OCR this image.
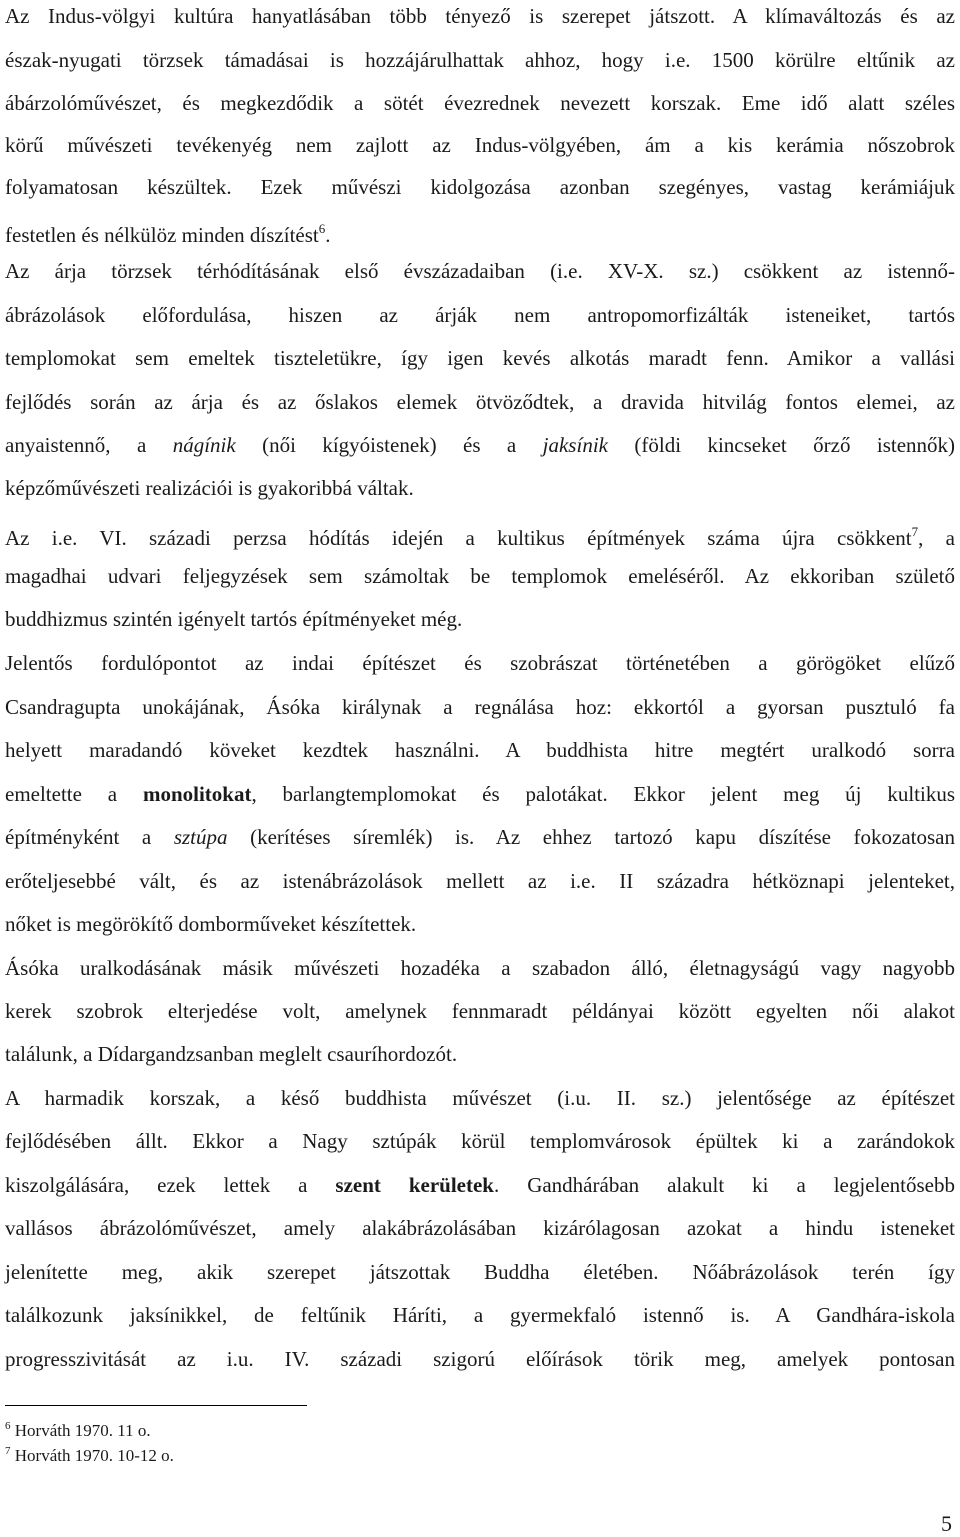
Az Indus-völgyi kultúra hanyatlásában több tényező is szerepet játszott. A klímaváltozás és az
észak-nyugati törzsek támadásai is hozzájárulhattak ahhoz, hogy i.e. 1500 körülre eltűnik az
ábárzolóművészet, és megkezdődik a sötét évezrednek nevezett korszak. Eme idő alatt széles
körű művészeti tevékenyég nem zajlott az Indus-völgyében, ám a kis kerámia nőszobrok
folyamatosan készültek. Ezek művészi kidolgozása azonban szegényes, vastag kerámiájuk
festetlen és nélkülöz minden díszítést$^6$.
Az árja törzsek térhódításának első évszázadaiban (i.e. XV-X. sz.) csökkent az istennő-
ábrázolások előfordulása, hiszen az árják nem antropomorfizálták isteneiket, tartós
templomokat sem emeltek tiszteletükre, így igen kevés alkotás maradt fenn. Amikor a vallási
fejlődés során az árja és az őslakos elemek ötvöződtek, a dravida hitvilág fontos elemei, az
anyaistennő, a nágínik (női kígyóistenek) és a jaksínik (földi kincseket őrző istennők)
képzőművészeti realizációi is gyakoribbá váltak.
Az i.e. VI. századi perzsa hódítás idején a kultikus építmények száma újra csökkent$^7$, a
magadhai udvari feljegyzések sem számoltak be templomok emeléséről. Az ekkoriban születő
buddhizmus szintén igényelt tartós építményeket még.
Jelentős fordulópontot az indai építészet és szobrászat történetében a görögöket elűző
Csandragupta unokájának, Ásóka királynak a regnálása hoz: ekkortól a gyorsan pusztuló fa
helyett maradandó köveket kezdtek használni. A buddhista hitre megtért uralkodó sorra
emeltette a monolitokat, barlangtemplomokat és palotákat. Ekkor jelent meg új kultikus
építményként a sztúpa (kerítéses síremlék) is. Az ehhez tartozó kapu díszítése fokozatosan
erőteljesebbé vált, és az istenábrázolások mellett az i.e. II századra hétköznapi jelenteket,
nőket is megörökítő domborműveket készítettek.
Ásóka uralkodásának másik művészeti hozadéka a szabadon álló, életnagyságú vagy nagyobb
kerek szobrok elterjedése volt, amelynek fennmaradt példányai között egyelten női alakot
találunk, a Dídargandzsanban meglelt csauríhordozót.
A harmadik korszak, a késő buddhista művészet (i.u. II. sz.) jelentősége az építészet
fejlődésében állt. Ekkor a Nagy sztúpák körül templomvárosok épültek ki a zarándokok
kiszolgálására, ezek lettek a szent kerületek. Gandhárában alakult ki a legjelentősebb
vallásos ábrázolóművészet, amely alakábrázolásában kizárólagosan azokat a hindu isteneket
jelenítette meg, akik szerepet játszottak Buddha életében. Nőábrázolások terén így
találkozunk jaksínikkel, de feltűnik Háríti, a gyermekfaló istennő is. A Gandhára-iskola
progresszivitását az i.u. IV. századi szigorú előírások törik meg, amelyek pontosan
$^6$ Horváth 1970. 11 o.
$^7$ Horváth 1970. 10-12 o.
5
